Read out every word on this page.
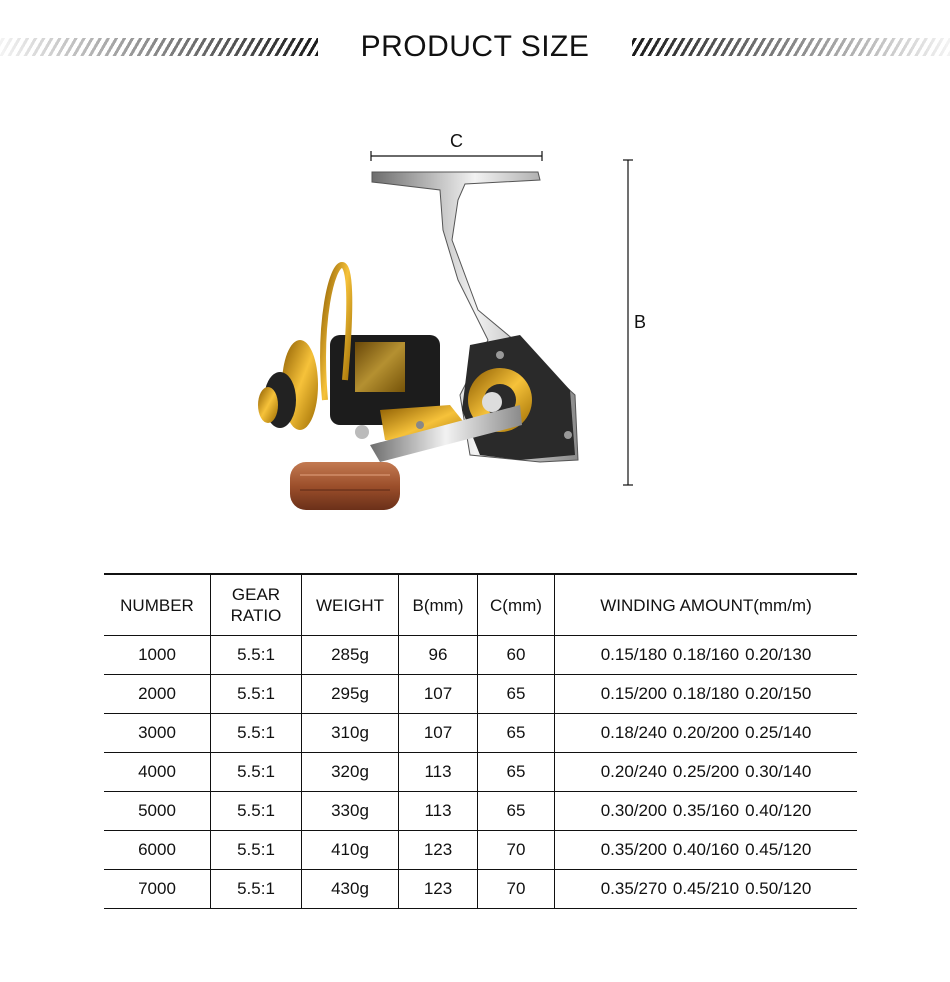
PRODUCT SIZE
C
B
NUMBER	GEAR RATIO	WEIGHT	B(mm)	C(mm)	WINDING AMOUNT(mm/m)
1000	5.5:1	285g	96	60	0.15/180 0.18/160 0.20/130
2000	5.5:1	295g	107	65	0.15/200 0.18/180 0.20/150
3000	5.5:1	310g	107	65	0.18/240 0.20/200 0.25/140
4000	5.5:1	320g	113	65	0.20/240 0.25/200 0.30/140
5000	5.5:1	330g	113	65	0.30/200 0.35/160 0.40/120
6000	5.5:1	410g	123	70	0.35/200 0.40/160 0.45/120
7000	5.5:1	430g	123	70	0.35/270 0.45/210 0.50/120
